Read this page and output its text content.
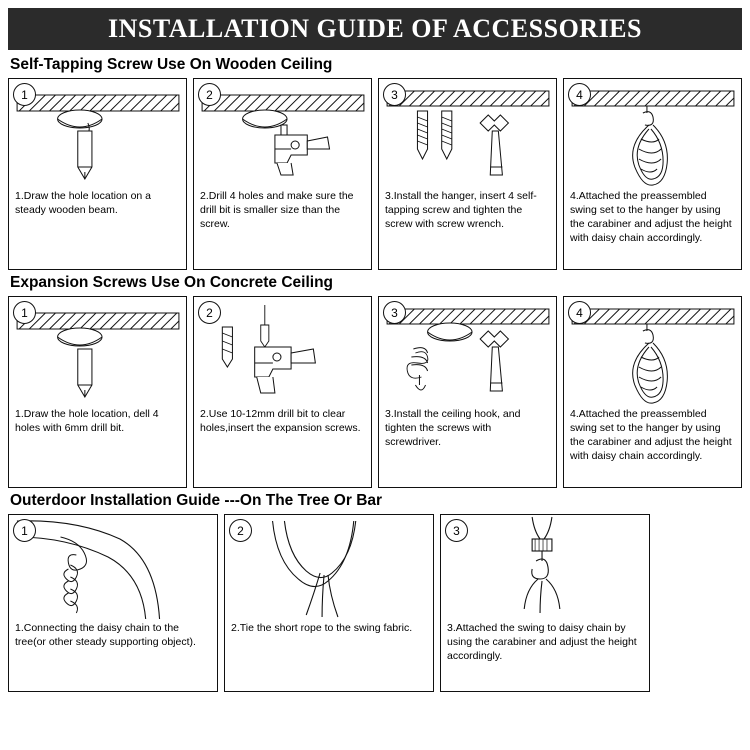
INSTALLATION GUIDE OF ACCESSORIES
Self-Tapping Screw Use On Wooden Ceiling
1
1.Draw the hole location on a steady wooden beam.
2
2.Drill 4 holes and make sure the drill bit is smaller size than the screw.
3
3.Install the hanger, insert 4 self-tapping screw and tighten the screw with screw wrench.
4
4.Attached the preassembled swing set to the hanger by using the carabiner and adjust the height with daisy chain accordingly.
Expansion Screws Use On Concrete Ceiling
1
1.Draw the hole location, dell 4 holes with 6mm drill bit.
2
2.Use 10-12mm drill bit to clear holes,insert the expansion screws.
3
3.Install the ceiling hook, and tighten the screws with screwdriver.
4
4.Attached the preassembled swing set to the hanger by using the carabiner and adjust the height with daisy chain accordingly.
Outerdoor Installation Guide ---On The Tree Or Bar
1
1.Connecting the daisy chain to the tree(or other steady supporting object).
2
2.Tie the short rope to the swing fabric.
3
3.Attached the swing to daisy chain by using the carabiner and adjust the height accordingly.
